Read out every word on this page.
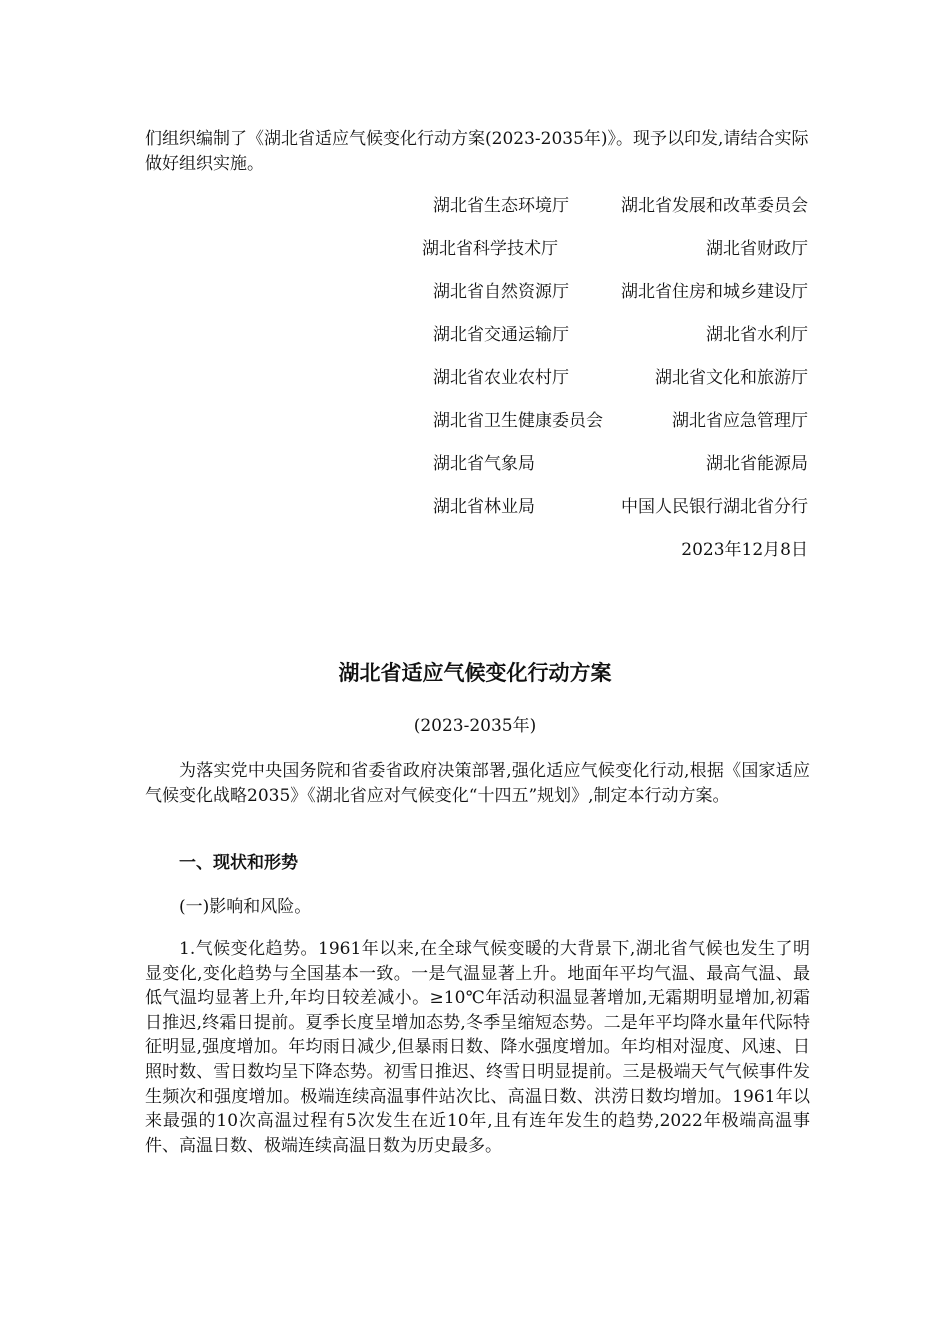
们组织编制了《湖北省适应气候变化行动方案(2023-2035年)》。现予以印发,请结合实际做好组织实施。

湖北省生态环境厅	湖北省发展和改革委员会
湖北省科学技术厅	湖北省财政厅
湖北省自然资源厅	湖北省住房和城乡建设厅
湖北省交通运输厅	湖北省水利厅
湖北省农业农村厅	湖北省文化和旅游厅
湖北省卫生健康委员会	湖北省应急管理厅
湖北省气象局	湖北省能源局
湖北省林业局	中国人民银行湖北省分行
2023年12月8日
湖北省适应气候变化行动方案

(2023-2035年)

为落实党中央国务院和省委省政府决策部署,强化适应气候变化行动,根据《国家适应气候变化战略2035》《湖北省应对气候变化“十四五”规划》,制定本行动方案。

一、现状和形势

(一)影响和风险。

1.气候变化趋势。1961年以来,在全球气候变暖的大背景下,湖北省气候也发生了明显变化,变化趋势与全国基本一致。一是气温显著上升。地面年平均气温、最高气温、最低气温均显著上升,年均日较差减小。≥10℃年活动积温显著增加,无霜期明显增加,初霜日推迟,终霜日提前。夏季长度呈增加态势,冬季呈缩短态势。二是年平均降水量年代际特征明显,强度增加。年均雨日减少,但暴雨日数、降水强度增加。年均相对湿度、风速、日照时数、雪日数均呈下降态势。初雪日推迟、终雪日明显提前。三是极端天气气候事件发生频次和强度增加。极端连续高温事件站次比、高温日数、洪涝日数均增加。1961年以来最强的10次高温过程有5次发生在近10年,且有连年发生的趋势,2022年极端高温事件、高温日数、极端连续高温日数为历史最多。
